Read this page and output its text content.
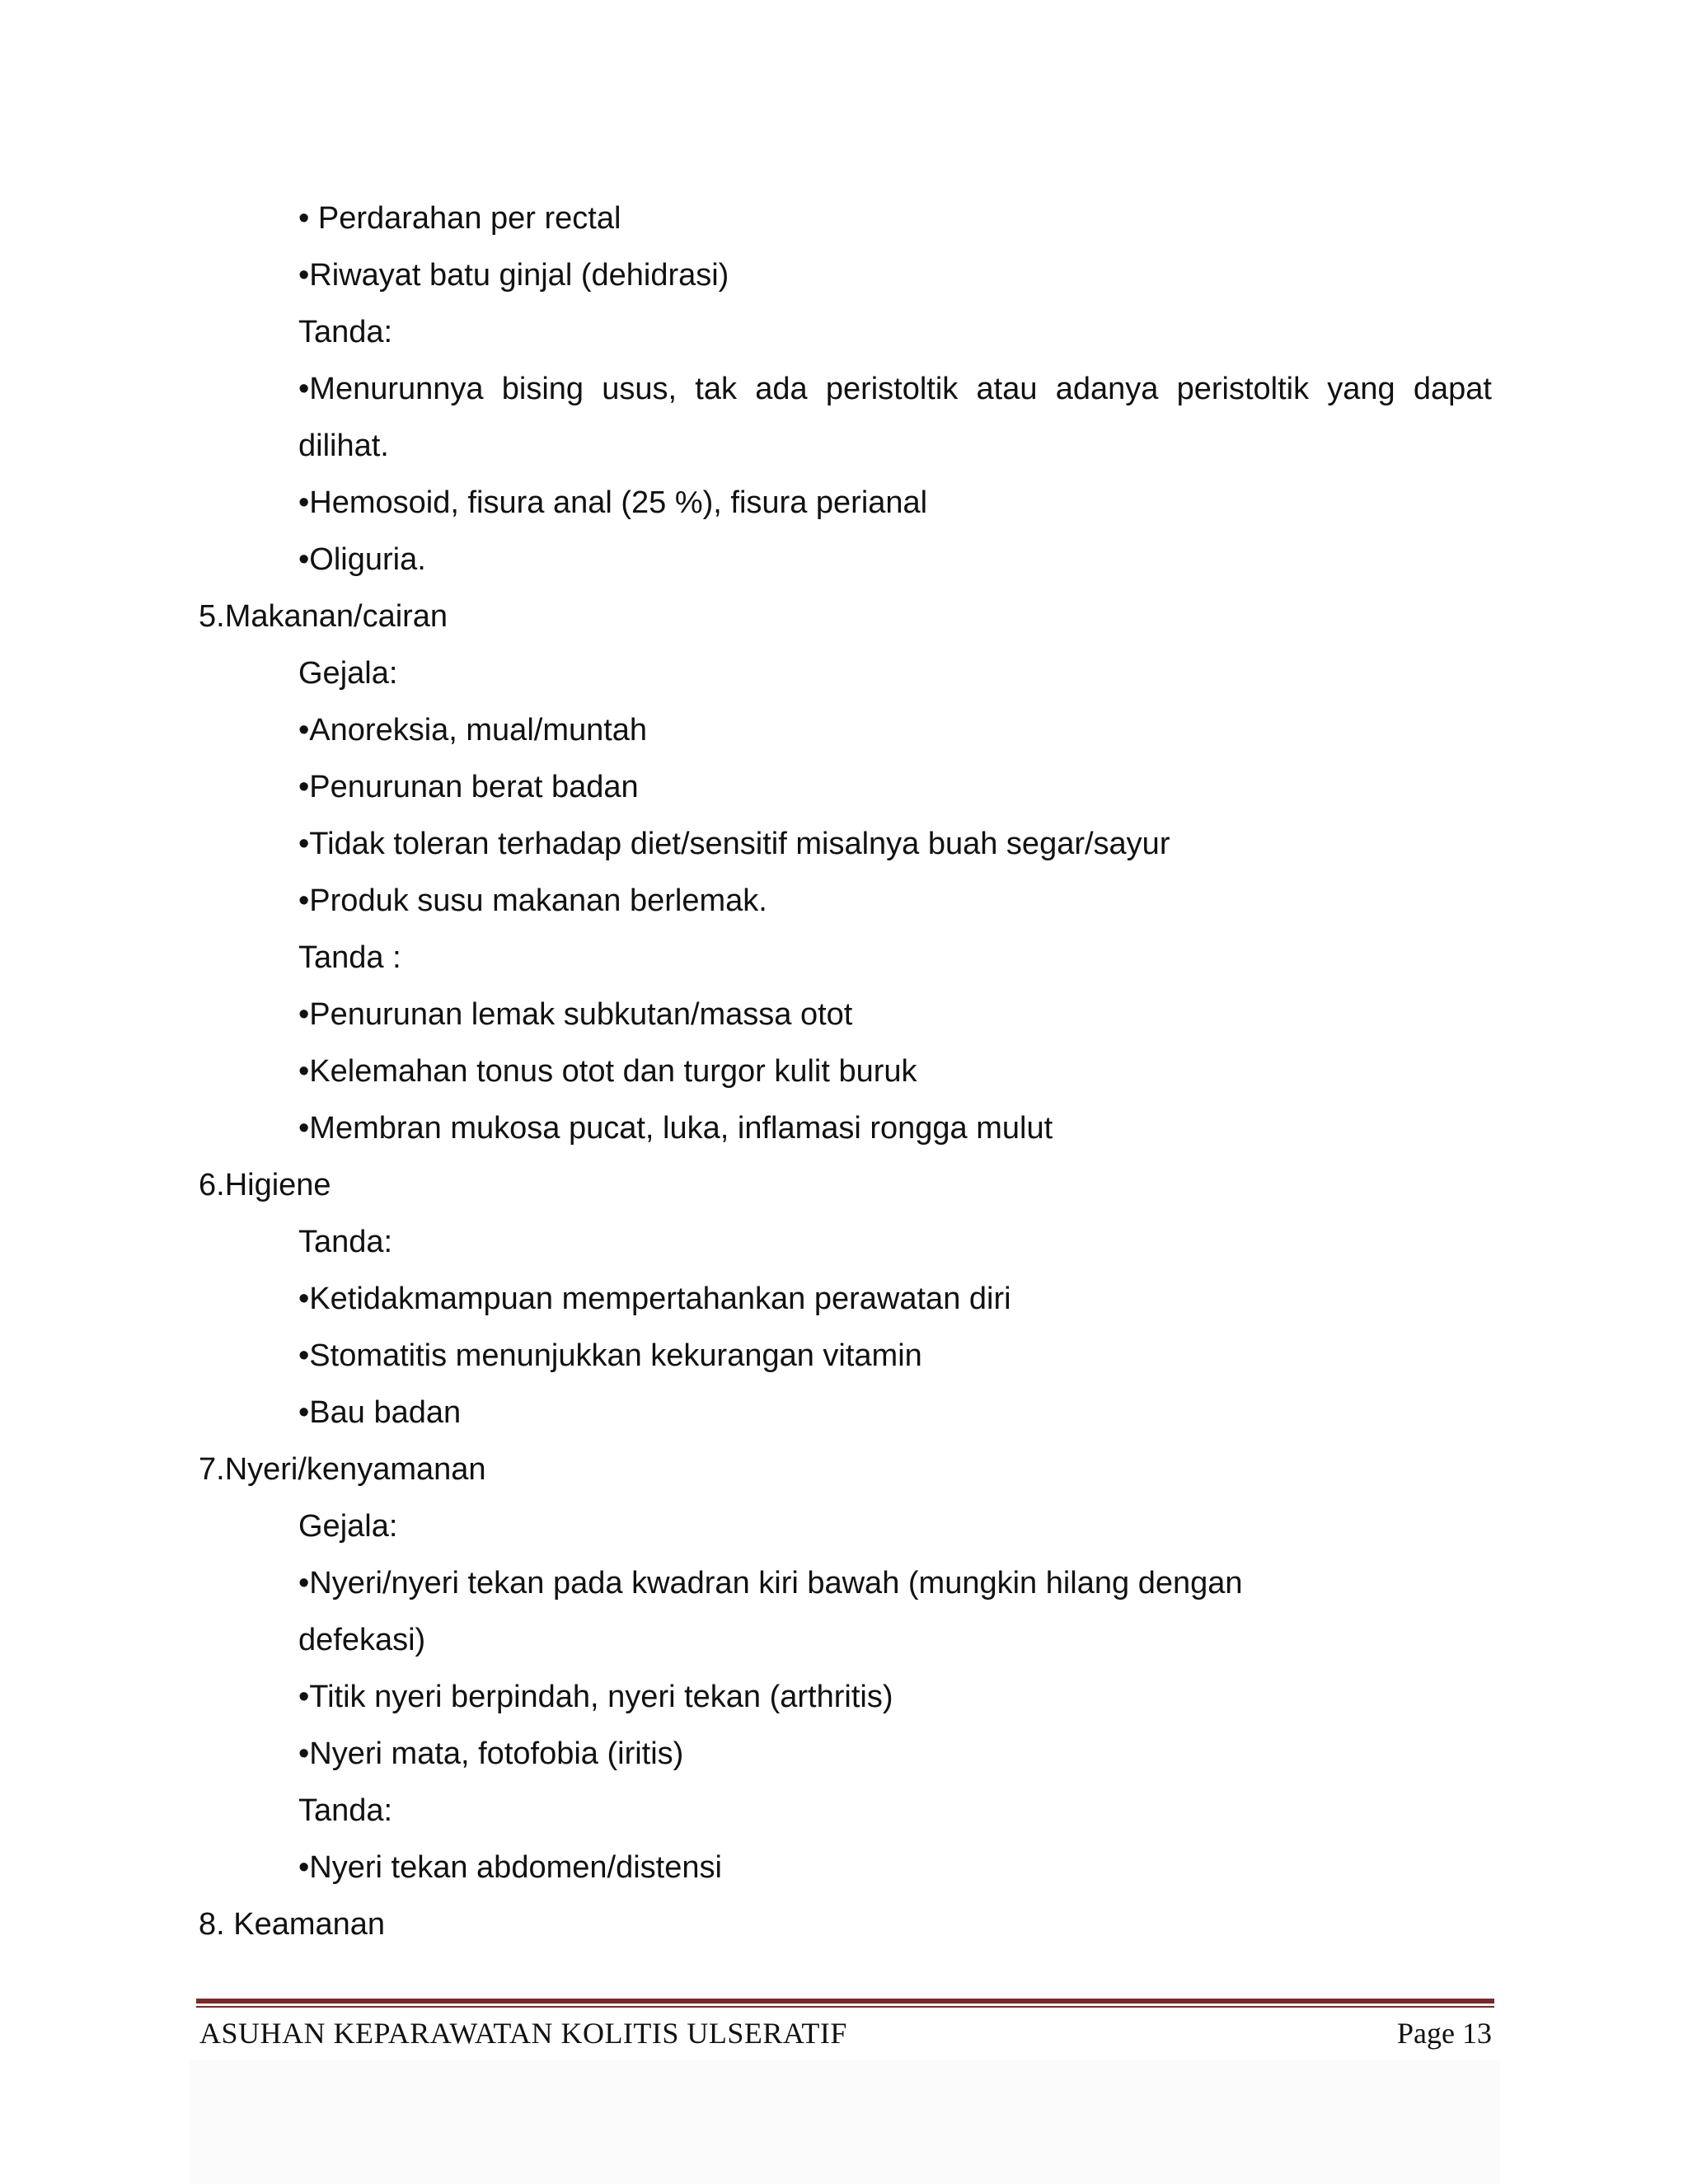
• Perdarahan per rectal
•Riwayat batu ginjal (dehidrasi)
Tanda:
•Menurunnya bising usus, tak ada peristoltik atau adanya peristoltik yang dapat
dilihat.
•Hemosoid, fisura anal (25 %), fisura perianal
•Oliguria.
5.Makanan/cairan
Gejala:
•Anoreksia, mual/muntah
•Penurunan berat badan
•Tidak toleran terhadap diet/sensitif misalnya buah segar/sayur
•Produk susu makanan berlemak.
Tanda :
•Penurunan lemak subkutan/massa otot
•Kelemahan tonus otot dan turgor kulit buruk
•Membran mukosa pucat, luka, inflamasi rongga mulut
6.Higiene
Tanda:
•Ketidakmampuan mempertahankan perawatan diri
•Stomatitis menunjukkan kekurangan vitamin
•Bau badan
7.Nyeri/kenyamanan
Gejala:
•Nyeri/nyeri tekan pada kwadran kiri bawah (mungkin hilang dengan
defekasi)
•Titik nyeri berpindah, nyeri tekan (arthritis)
•Nyeri mata, fotofobia (iritis)
Tanda:
•Nyeri tekan abdomen/distensi
8. Keamanan
ASUHAN KEPARAWATAN KOLITIS ULSERATIF	Page 13
